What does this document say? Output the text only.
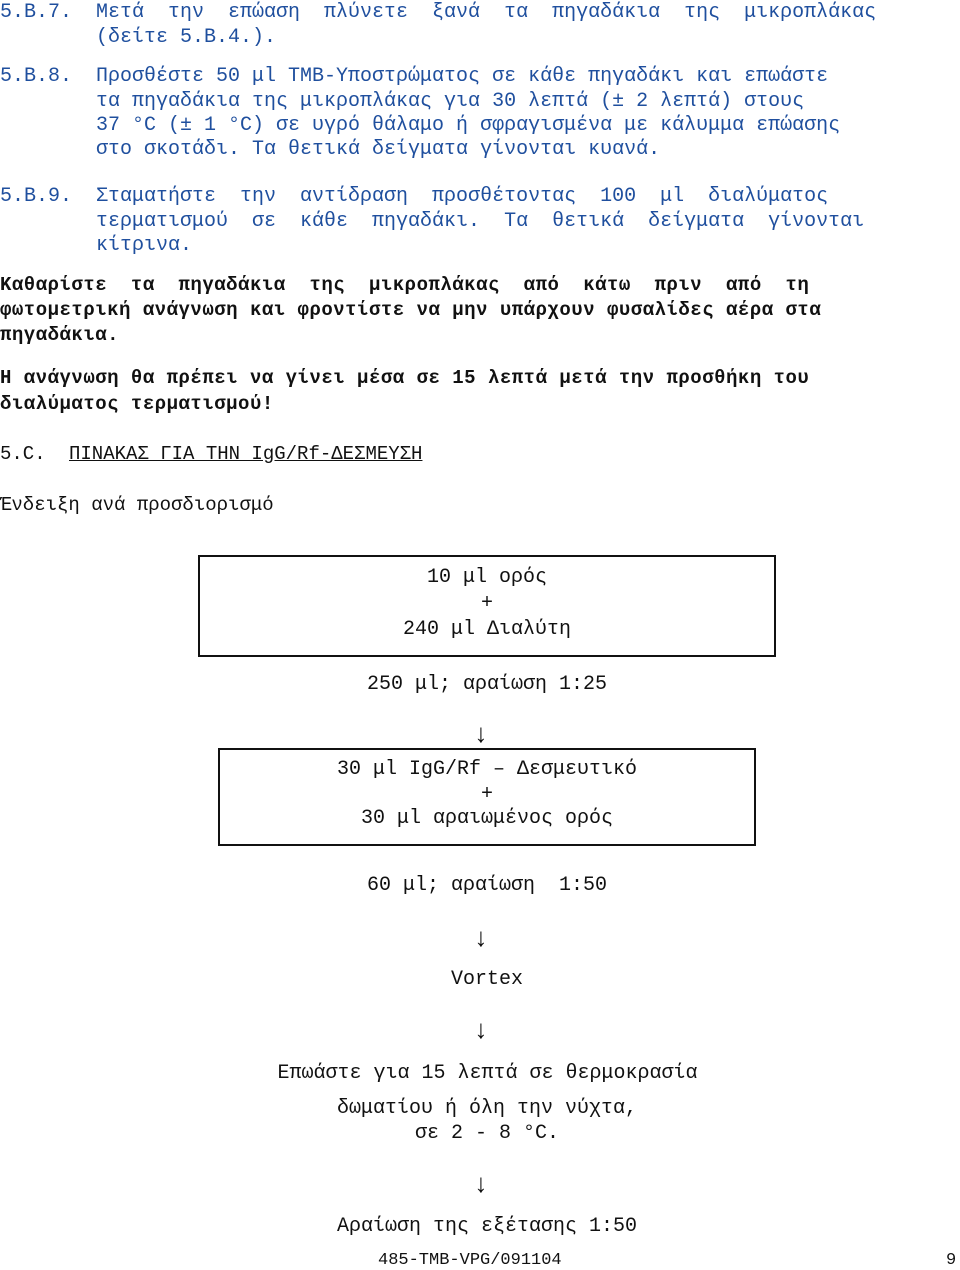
5.B.7. Μετά  την  επώαση  πλύνετε  ξανά  τα  πηγαδάκια  της  μικροπλάκας
(δείτε 5.B.4.).
5.B.8. Προσθέστε 50 μl TMB-Υποστρώματος σε κάθε πηγαδάκι και επωάστε
τα πηγαδάκια της μικροπλάκας για 30 λεπτά (± 2 λεπτά) στους
37 °C (± 1 °C) σε υγρό θάλαμο ή σφραγισμένα με κάλυμμα επώασης
στο σκοτάδι. Τα θετικά δείγματα γίνονται κυανά.
5.B.9. Σταματήστε  την  αντίδραση  προσθέτοντας  100  μl  διαλύματος
τερματισμού  σε  κάθε  πηγαδάκι.  Τα  θετικά  δείγματα  γίνονται
κίτρινα.
Καθαρίστε  τα  πηγαδάκια  της  μικροπλάκας  από  κάτω  πριν  από  τη
φωτομετρική ανάγνωση και φροντίστε να μην υπάρχουν φυσαλίδες αέρα στα
πηγαδάκια.
Η ανάγνωση θα πρέπει να γίνει μέσα σε 15 λεπτά μετά την προσθήκη του
διαλύματος τερματισμού!
5.C. ΠΙΝΑΚΑΣ ΓΙΑ ΤΗΝ IgG/Rf-ΔΕΣΜΕΥΣΗ
Ένδειξη ανά προσδιορισμό
10 μl ορός
+
240 μl Διαλύτη
250 μl; αραίωση 1:25
↓
30 μl IgG/Rf – Δεσμευτικό
+
30 μl αραιωμένος ορός
60 μl; αραίωση  1:50
↓
Vortex
↓
Επωάστε για 15 λεπτά σε θερμοκρασία
δωματίου ή όλη την νύχτα,
σε 2 - 8 °C.
↓
Αραίωση της εξέτασης 1:50
485-TMB-VPG/091104	9
